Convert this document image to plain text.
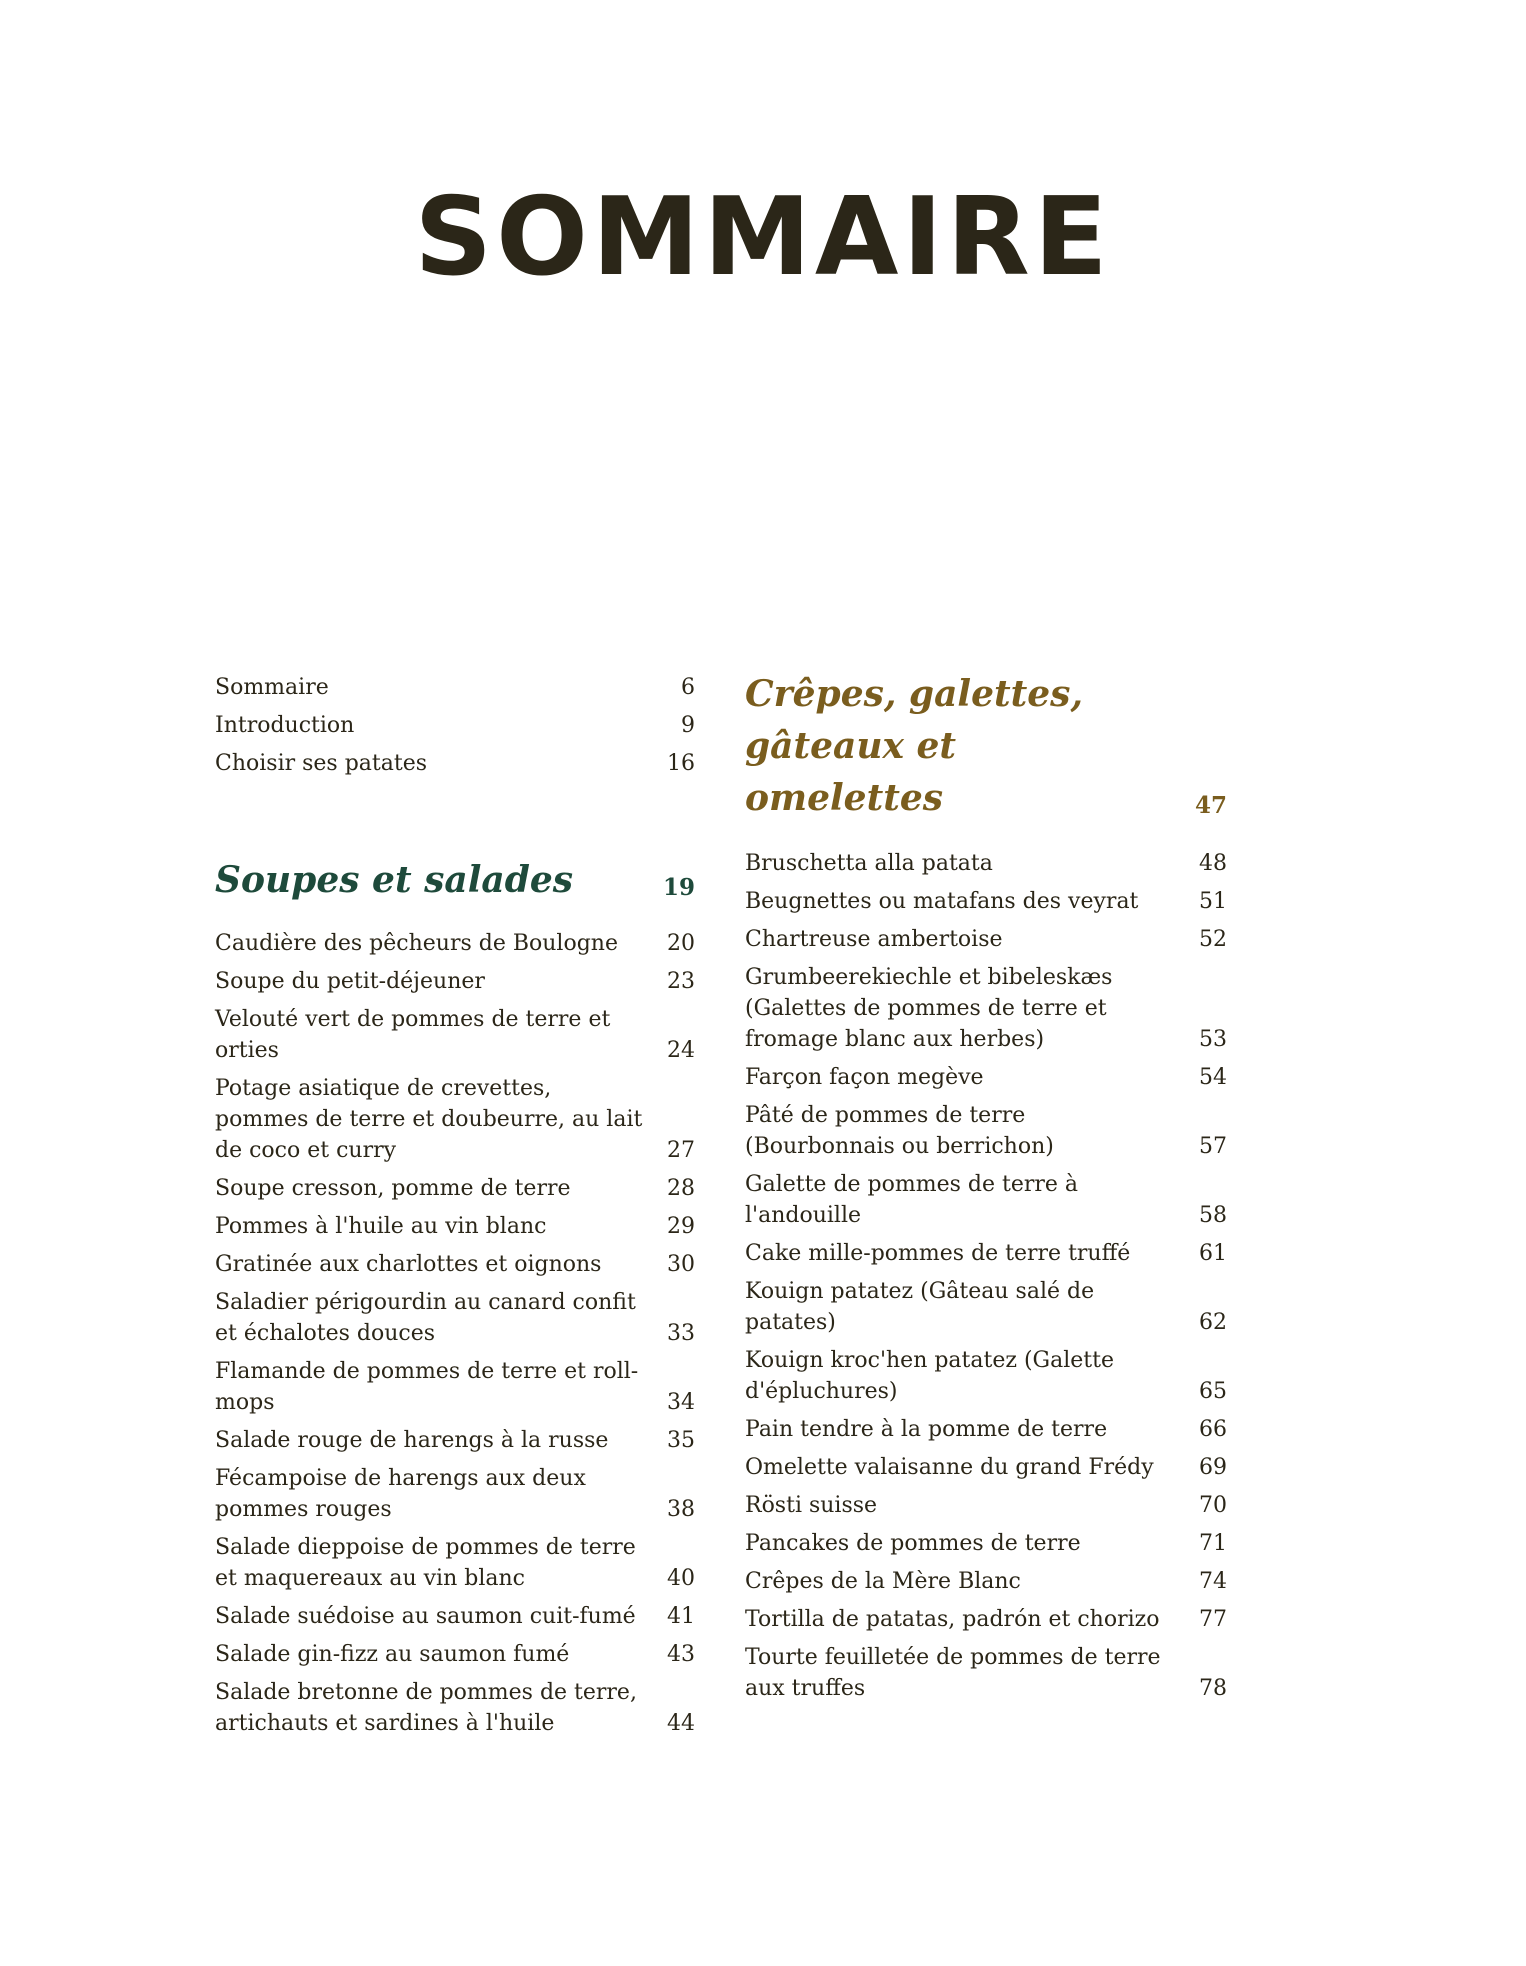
SOMMAIRE
Sommaire	6
Introduction	9
Choisir ses patates	16
Soupes et salades	19
Caudière des pêcheurs de Boulogne	20
Soupe du petit-déjeuner	23
Velouté vert de pommes de terre et orties	24
Potage asiatique de crevettes, pommes de terre et doubeurre, au lait de coco et curry	27
Soupe cresson, pomme de terre	28
Pommes à l'huile au vin blanc	29
Gratinée aux charlottes et oignons	30
Saladier périgourdin au canard confit et échalotes douces	33
Flamande de pommes de terre et roll-mops	34
Salade rouge de harengs à la russe	35
Fécampoise de harengs aux deux pommes rouges	38
Salade dieppoise de pommes de terre et maquereaux au vin blanc	40
Salade suédoise au saumon cuit-fumé	41
Salade gin-fizz au saumon fumé	43
Salade bretonne de pommes de terre, artichauts et sardines à l'huile	44
Crêpes, galettes, gâteaux et omelettes	47
Bruschetta alla patata	48
Beugnettes ou matafans des veyrat	51
Chartreuse ambertoise	52
Grumbeerekiechle et bibeleskæs (Galettes de pommes de terre et fromage blanc aux herbes)	53
Farçon façon megève	54
Pâté de pommes de terre (Bourbonnais ou berrichon)	57
Galette de pommes de terre à l'andouille	58
Cake mille-pommes de terre truffé	61
Kouign patatez (Gâteau salé de patates)	62
Kouign kroc'hen patatez (Galette d'épluchures)	65
Pain tendre à la pomme de terre	66
Omelette valaisanne du grand Frédy	69
Rösti suisse	70
Pancakes de pommes de terre	71
Crêpes de la Mère Blanc	74
Tortilla de patatas, padrón et chorizo	77
Tourte feuilletée de pommes de terre aux truffes	78
